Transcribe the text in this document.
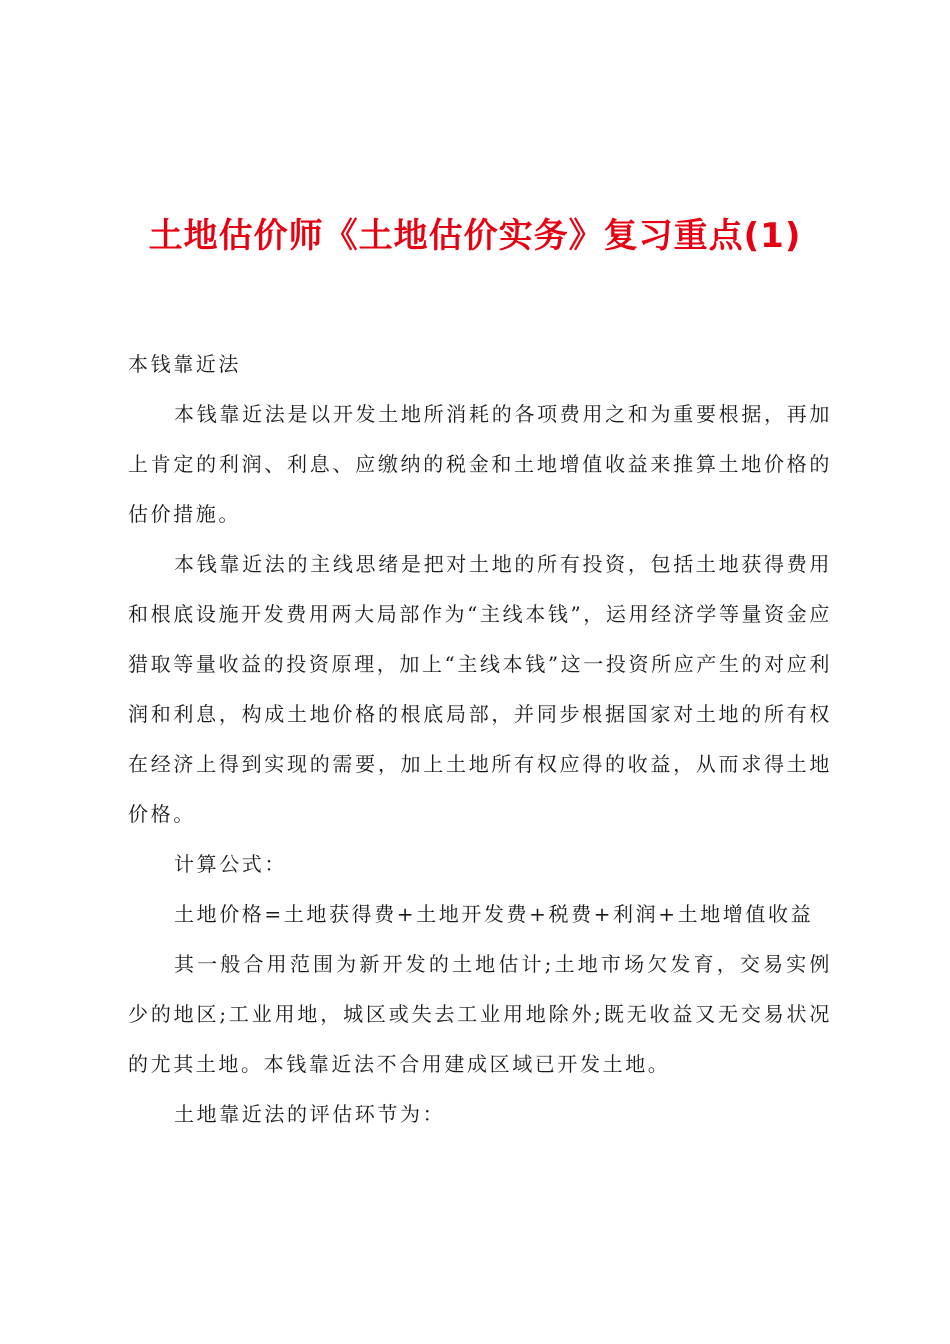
土地估价师《土地估价实务》复习重点(1)

本钱靠近法

本钱靠近法是以开发土地所消耗的各项费用之和为重要根据，再加上肯定的利润、利息、应缴纳的税金和土地增值收益来推算土地价格的估价措施。

本钱靠近法的主线思绪是把对土地的所有投资，包括土地获得费用和根底设施开发费用两大局部作为“主线本钱”，运用经济学等量资金应猎取等量收益的投资原理，加上“主线本钱”这一投资所应产生的对应利润和利息，构成土地价格的根底局部，并同步根据国家对土地的所有权在经济上得到实现的需要，加上土地所有权应得的收益，从而求得土地价格。

计算公式：

土地价格=土地获得费+土地开发费+税费+利润+土地增值收益

其一般合用范围为新开发的土地估计;土地市场欠发育，交易实例少的地区;工业用地，城区或失去工业用地除外;既无收益又无交易状况的尤其土地。本钱靠近法不合用建成区域已开发土地。

土地靠近法的评估环节为：
